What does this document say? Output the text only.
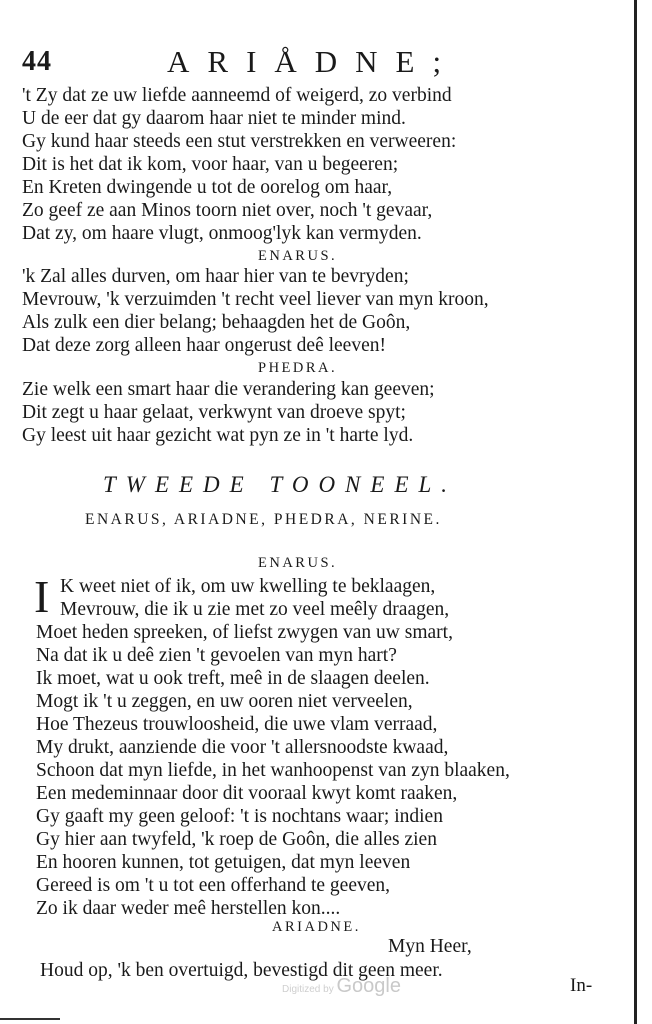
44	ARIÅDNE;
't Zy dat ze uw liefde aanneemd of weigerd, zo verbind
U de eer dat gy daarom haar niet te minder mind.
Gy kund haar steeds een stut verstrekken en verweeren:
Dit is het dat ik kom, voor haar, van u begeeren;
En Kreten dwingende u tot de oorelog om haar,
Zo geef ze aan Minos toorn niet over, noch 't gevaar,
Dat zy, om haare vlugt, onmoog'lyk kan vermyden.
ENARUS.
'k Zal alles durven, om haar hier van te bevryden;
Mevrouw, 'k verzuimden 't recht veel liever van myn kroon,
Als zulk een dier belang; behaagden het de Goôn,
Dat deze zorg alleen haar ongerust deê leeven!
PHEDRA.
Zie welk een smart haar die verandering kan geeven;
Dit zegt u haar gelaat, verkwynt van droeve spyt;
Gy leest uit haar gezicht wat pyn ze in 't harte lyd.
TWEEDE TOONEEL.
ENARUS, ARIADNE, PHEDRA, NERINE.
ENARUS.
I K weet niet of ik, om uw kwelling te beklaagen,
Mevrouw, die ik u zie met zo veel meêly draagen,
Moet heden spreeken, of liefst zwygen van uw smart,
Na dat ik u deê zien 't gevoelen van myn hart?
Ik moet, wat u ook treft, meê in de slaagen deelen.
Mogt ik 't u zeggen, en uw ooren niet verveelen,
Hoe Thezeus trouwloosheid, die uwe vlam verraad,
My drukt, aanziende die voor 't allersnoodste kwaad,
Schoon dat myn liefde, in het wanhoopenst van zyn blaaken,
Een medeminnaar door dit vooraal kwyt komt raaken,
Gy gaaft my geen geloof: 't is nochtans waar; indien
Gy hier aan twyfeld, 'k roep de Goôn, die alles zien
En hooren kunnen, tot getuigen, dat myn leeven
Gereed is om 't u tot een offerhand te geeven,
Zo ik daar weder meê herstellen kon....
ARIADNE.
Myn Heer,
Houd op, 'k ben overtuigd, bevestigd dit geen meer.
Digitized by Google	In-
